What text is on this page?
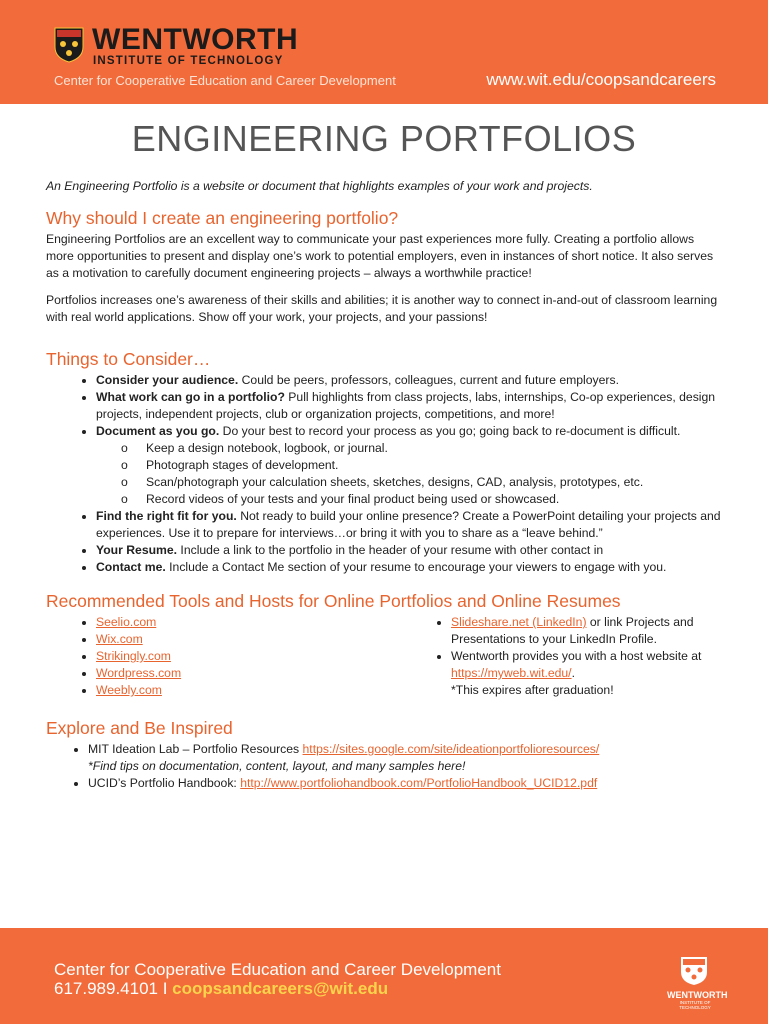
WENTWORTH
INSTITUTE OF TECHNOLOGY
Center for Cooperative Education and Career Development	www.wit.edu/coopsandcareers
ENGINEERING PORTFOLIOS
An Engineering Portfolio is a website or document that highlights examples of your work and projects.
Why should I create an engineering portfolio?

Engineering Portfolios are an excellent way to communicate your past experiences more fully. Creating a portfolio allows more opportunities to present and display one’s work to potential employers, even in instances of short notice. It also serves as a motivation to carefully document engineering projects – always a worthwhile practice!

Portfolios increases one’s awareness of their skills and abilities; it is another way to connect in-and-out of classroom learning with real world applications. Show off your work, your projects, and your passions!

Things to Consider…
• Consider your audience. Could be peers, professors, colleagues, current and future employers.
• What work can go in a portfolio? Pull highlights from class projects, labs, internships, Co-op experiences, design projects, independent projects, club or organization projects, competitions, and more!
• Document as you go. Do your best to record your process as you go; going back to re-document is difficult.
o Keep a design notebook, logbook, or journal.
o Photograph stages of development.
o Scan/photograph your calculation sheets, sketches, designs, CAD, analysis, prototypes, etc.
o Record videos of your tests and your final product being used or showcased.
• Find the right fit for you. Not ready to build your online presence? Create a PowerPoint detailing your projects and experiences. Use it to prepare for interviews…or bring it with you to share as a “leave behind.”
• Your Resume. Include a link to the portfolio in the header of your resume with other contact in
• Contact me. Include a Contact Me section of your resume to encourage your viewers to engage with you.
Recommended Tools and Hosts for Online Portfolios and Online Resumes
• Seelio.com
• Wix.com
• Strikingly.com
• Wordpress.com
• Weebly.com
• Slideshare.net (LinkedIn) or link Projects and Presentations to your LinkedIn Profile.
• Wentworth provides you with a host website at https://myweb.wit.edu/.
*This expires after graduation!
Explore and Be Inspired
• MIT Ideation Lab – Portfolio Resources https://sites.google.com/site/ideationportfolioresources/
*Find tips on documentation, content, layout, and many samples here!
• UCID’s Portfolio Handbook: http://www.portfoliohandbook.com/PortfolioHandbook_UCID12.pdf
Center for Cooperative Education and Career Development
617.989.4101 I coopsandcareers@wit.edu	WENTWORTH
INSTITUTE OF TECHNOLOGY
